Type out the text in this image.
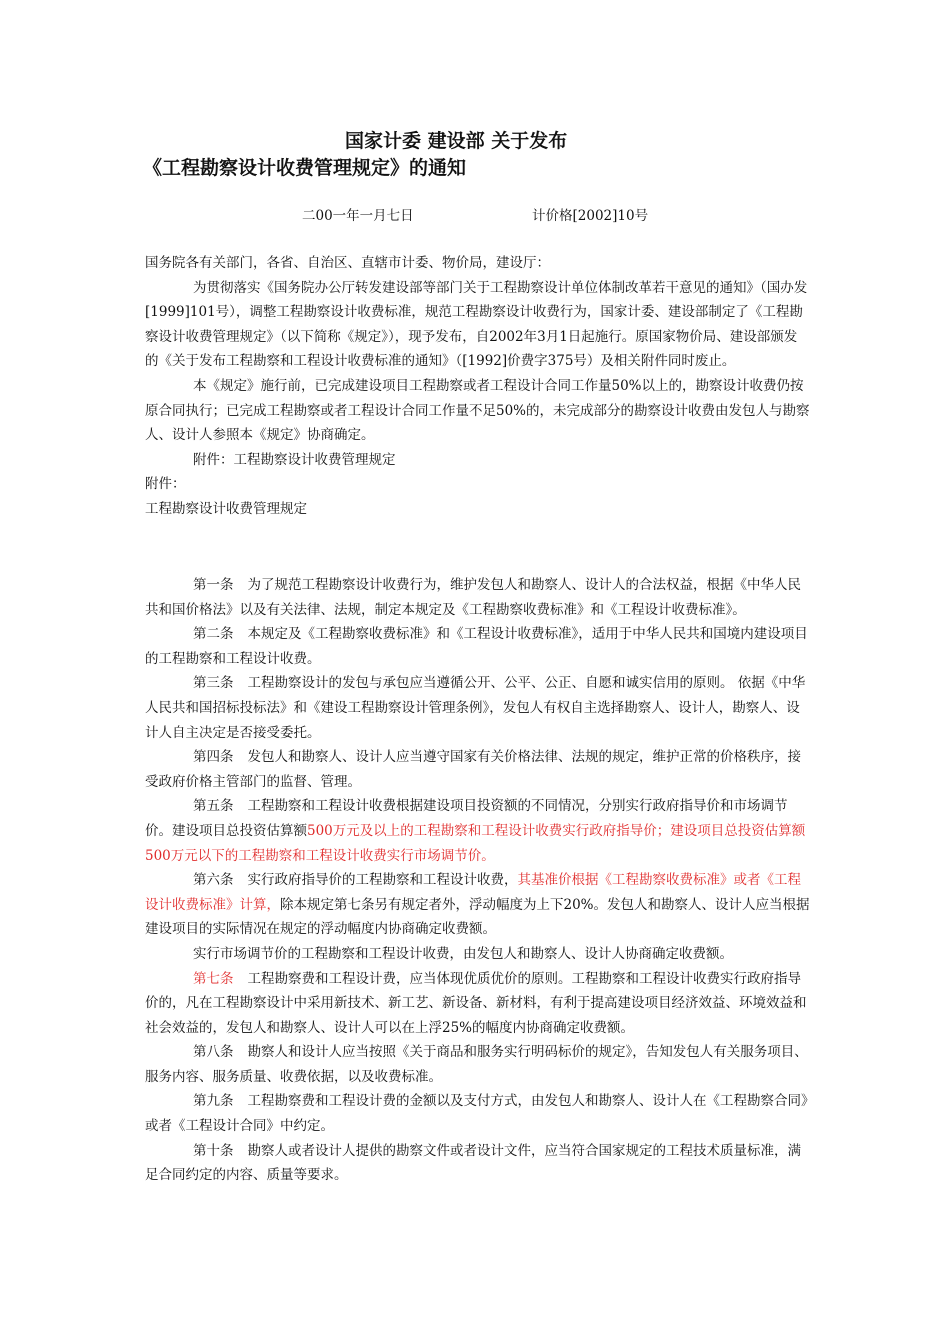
国家计委 建设部 关于发布
《工程勘察设计收费管理规定》的通知
二00一年一月七日	计价格[2002]10号

国务院各有关部门，各省、自治区、直辖市计委、物价局，建设厅：

为贯彻落实《国务院办公厅转发建设部等部门关于工程勘察设计单位体制改革若干意见的通知》（国办发[1999]101号），调整工程勘察设计收费标准，规范工程勘察设计收费行为，国家计委、建设部制定了《工程勘察设计收费管理规定》（以下简称《规定》），现予发布，自2002年3月1日起施行。原国家物价局、建设部颁发的《关于发布工程勘察和工程设计收费标准的通知》（[1992]价费字375号）及相关附件同时废止。

本《规定》施行前，已完成建设项目工程勘察或者工程设计合同工作量50%以上的，勘察设计收费仍按原合同执行；已完成工程勘察或者工程设计合同工作量不足50%的，未完成部分的勘察设计收费由发包人与勘察人、设计人参照本《规定》协商确定。

附件：工程勘察设计收费管理规定

附件：

工程勘察设计收费管理规定

第一条 为了规范工程勘察设计收费行为，维护发包人和勘察人、设计人的合法权益，根据《中华人民共和国价格法》以及有关法律、法规，制定本规定及《工程勘察收费标准》和《工程设计收费标准》。

第二条 本规定及《工程勘察收费标准》和《工程设计收费标准》，适用于中华人民共和国境内建设项目的工程勘察和工程设计收费。

第三条 工程勘察设计的发包与承包应当遵循公开、公平、公正、自愿和诚实信用的原则。 依据《中华人民共和国招标投标法》和《建设工程勘察设计管理条例》，发包人有权自主选择勘察人、设计人，勘察人、设计人自主决定是否接受委托。

第四条 发包人和勘察人、设计人应当遵守国家有关价格法律、法规的规定，维护正常的价格秩序，接受政府价格主管部门的监督、管理。

第五条 工程勘察和工程设计收费根据建设项目投资额的不同情况，分别实行政府指导价和市场调节价。建设项目总投资估算额500万元及以上的工程勘察和工程设计收费实行政府指导价；建设项目总投资估算额500万元以下的工程勘察和工程设计收费实行市场调节价。

第六条 实行政府指导价的工程勘察和工程设计收费，其基准价根据《工程勘察收费标准》或者《工程设计收费标准》计算，除本规定第七条另有规定者外，浮动幅度为上下20%。发包人和勘察人、设计人应当根据建设项目的实际情况在规定的浮动幅度内协商确定收费额。

实行市场调节价的工程勘察和工程设计收费，由发包人和勘察人、设计人协商确定收费额。

第七条 工程勘察费和工程设计费，应当体现优质优价的原则。工程勘察和工程设计收费实行政府指导价的，凡在工程勘察设计中采用新技术、新工艺、新设备、新材料，有利于提高建设项目经济效益、环境效益和社会效益的，发包人和勘察人、设计人可以在上浮25%的幅度内协商确定收费额。

第八条 勘察人和设计人应当按照《关于商品和服务实行明码标价的规定》，告知发包人有关服务项目、服务内容、服务质量、收费依据，以及收费标准。

第九条 工程勘察费和工程设计费的金额以及支付方式，由发包人和勘察人、设计人在《工程勘察合同》或者《工程设计合同》中约定。

第十条 勘察人或者设计人提供的勘察文件或者设计文件，应当符合国家规定的工程技术质量标准，满足合同约定的内容、质量等要求。
